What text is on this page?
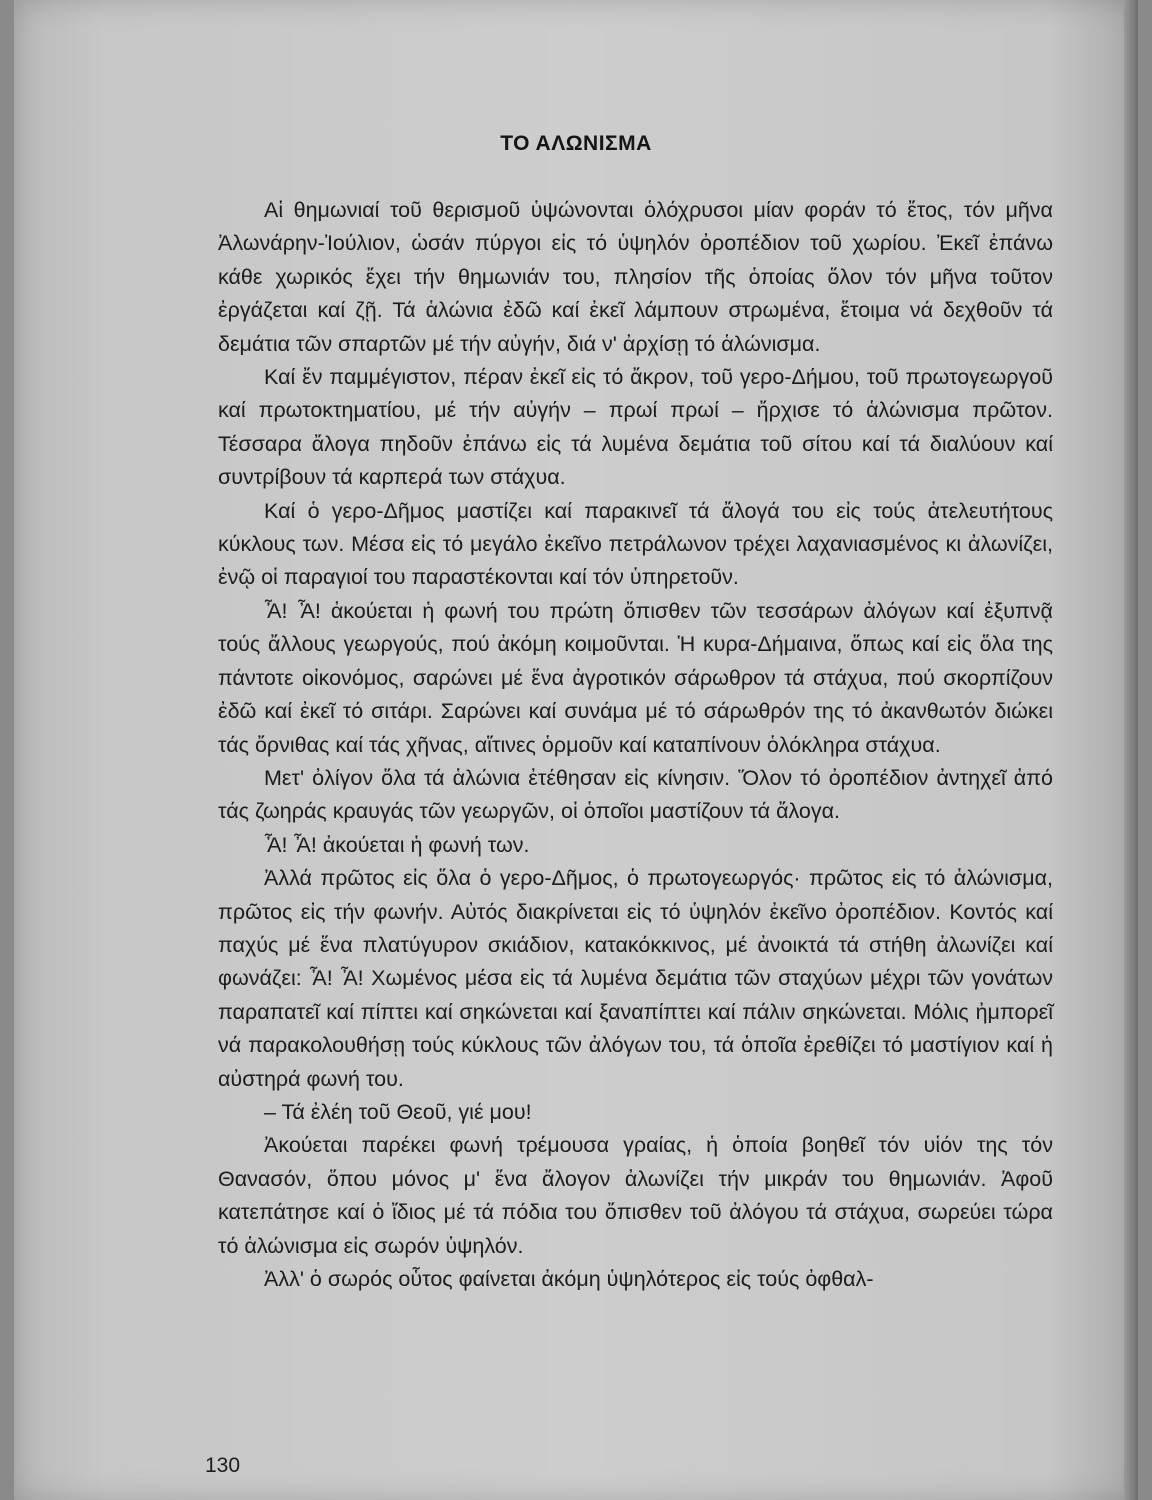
ΤΟ ΑΛΩΝΙΣΜΑ

Αἱ θημωνιαί τοῦ θερισμοῦ ὑψώνονται ὁλόχρυσοι μίαν φοράν τό ἔτος, τόν μῆνα Ἀλωνάρην-Ἰούλιον, ὡσάν πύργοι εἰς τό ὑψηλόν ὀροπέδιον τοῦ χωρίου. Ἐκεῖ ἐπάνω κάθε χωρικός ἔχει τήν θημωνιάν του, πλησίον τῆς ὁποίας ὅλον τόν μῆνα τοῦτον ἐργάζεται καί ζῇ. Τά ἁλώνια ἐδῶ καί ἐκεῖ λάμπουν στρωμένα, ἕτοιμα νά δεχθοῦν τά δεμάτια τῶν σπαρτῶν μέ τήν αὐγήν, διά ν' ἀρχίσῃ τό ἁλώνισμα.

Καί ἔν παμμέγιστον, πέραν ἐκεῖ εἰς τό ἄκρον, τοῦ γερο-Δήμου, τοῦ πρωτογεωργοῦ καί πρωτοκτηματίου, μέ τήν αὐγήν – πρωί πρωί – ἤρχισε τό ἁλώνισμα πρῶτον. Τέσσαρα ἄλογα πηδοῦν ἐπάνω εἰς τά λυμένα δεμάτια τοῦ σίτου καί τά διαλύουν καί συντρίβουν τά καρπερά των στάχυα.

Καί ὁ γερο-Δῆμος μαστίζει καί παρακινεῖ τά ἄλογά του εἰς τούς ἀτελευτήτους κύκλους των. Μέσα εἰς τό μεγάλο ἐκεῖνο πετράλωνον τρέχει λαχανιασμένος κι ἀλωνίζει, ἐνῷ οἱ παραγιοί του παραστέκονται καί τόν ὑπηρετοῦν.

Ἆ! Ἆ! ἀκούεται ἡ φωνή του πρώτη ὄπισθεν τῶν τεσσάρων ἀλόγων καί ἐξυπνᾷ τούς ἄλλους γεωργούς, πού ἀκόμη κοιμοῦνται. Ἡ κυρα-Δήμαινα, ὅπως καί εἰς ὅλα της πάντοτε οἰκονόμος, σαρώνει μέ ἕνα ἀγροτικόν σάρωθρον τά στάχυα, πού σκορπίζουν ἐδῶ καί ἐκεῖ τό σιτάρι. Σαρώνει καί συνάμα μέ τό σάρωθρόν της τό ἀκανθωτόν διώκει τάς ὄρνιθας καί τάς χῆνας, αἵτινες ὁρμοῦν καί καταπίνουν ὁλόκληρα στάχυα.

Μετ' ὀλίγον ὅλα τά ἁλώνια ἐτέθησαν εἰς κίνησιν. Ὅλον τό ὀροπέδιον ἀντηχεῖ ἀπό τάς ζωηράς κραυγάς τῶν γεωργῶν, οἱ ὁποῖοι μαστίζουν τά ἄλογα.

Ἆ! Ἆ! ἀκούεται ἡ φωνή των.

Ἀλλά πρῶτος εἰς ὅλα ὁ γερο-Δῆμος, ὁ πρωτογεωργός· πρῶτος εἰς τό ἁλώνισμα, πρῶτος εἰς τήν φωνήν. Αὐτός διακρίνεται εἰς τό ὑψηλόν ἐκεῖνο ὀροπέδιον. Κοντός καί παχύς μέ ἕνα πλατύγυρον σκιάδιον, κατακόκκινος, μέ ἀνοικτά τά στήθη ἀλωνίζει καί φωνάζει: Ἆ! Ἆ! Χωμένος μέσα εἰς τά λυμένα δεμάτια τῶν σταχύων μέχρι τῶν γονάτων παραπατεῖ καί πίπτει καί σηκώνεται καί ξαναπίπτει καί πάλιν σηκώνεται. Μόλις ἠμπορεῖ νά παρακολουθήσῃ τούς κύκλους τῶν ἀλόγων του, τά ὁποῖα ἐρεθίζει τό μαστίγιον καί ἡ αὐστηρά φωνή του.

– Τά ἐλέη τοῦ Θεοῦ, γιέ μου!

Ἀκούεται παρέκει φωνή τρέμουσα γραίας, ἡ ὁποία βοηθεῖ τόν υἱόν της τόν Θανασόν, ὅπου μόνος μ' ἕνα ἄλογον ἀλωνίζει τήν μικράν του θημωνιάν. Ἀφοῦ κατεπάτησε καί ὁ ἴδιος μέ τά πόδια του ὄπισθεν τοῦ ἀλόγου τά στάχυα, σωρεύει τώρα τό ἁλώνισμα εἰς σωρόν ὑψηλόν.

Ἀλλ' ὁ σωρός οὗτος φαίνεται ἀκόμη ὑψηλότερος εἰς τούς ὀφθαλ-

130
